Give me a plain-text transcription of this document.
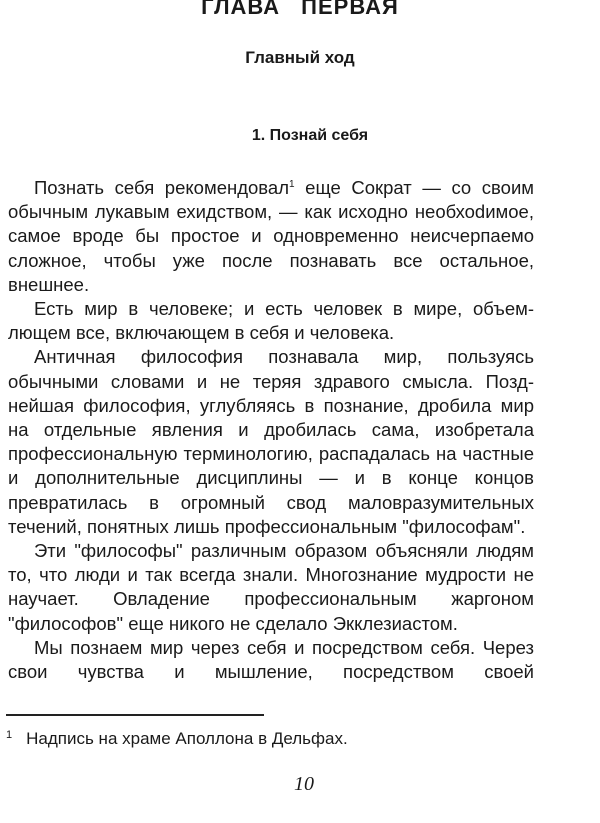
ГЛАВА ПЕРВАЯ
Главный ход
1. Познай себя

Познать себя рекомендовал$^1$ еще Сократ — со своим обычным лукавым ехидством, — как исходно необхоdимое, самое вроде бы простое и одновременно неисчерпаемо сложное, чтобы уже после познавать все остальное, внешнее.

Есть мир в человеке; и есть человек в мире, объемлющем все, включающем в себя и человека.

Античная философия познавала мир, пользуясь обычными словами и не теряя здравого смысла. Позднейшая философия, углубляясь в познание, дробила мир на отдельные явления и дробилась сама, изобретала профессиональную терминологию, распадалась на частные и дополнительные дисциплины — и в конце концов превратилась в огромный свод маловразумительных течений, понятных лишь профессиональным "философам".

Эти "философы" различным образом объясняли людям то, что люди и так всегда знали. Многознание мудрости не научает. Овладение профессиональным жаргоном "философов" еще никого не сделало Экклезиастом.

Мы познаем мир через себя и посредством себя. Через свои чувства и мышление, посредством своей

$^1$ Надпись на храме Аполлона в Дельфах.

10
